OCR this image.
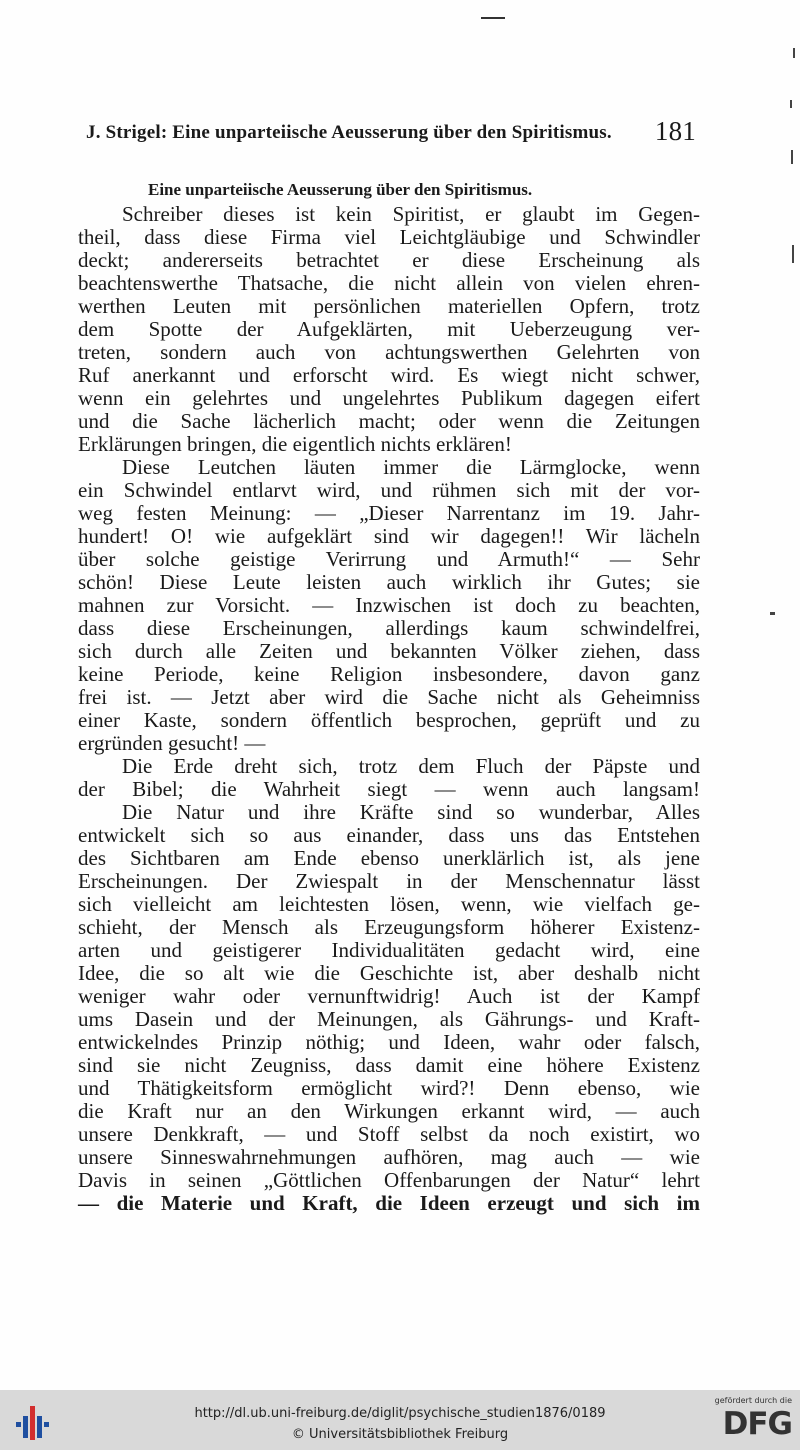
J. Strigel: Eine unparteiische Aeusserung über den Spiritismus. 181
Eine unparteiische Aeusserung über den Spiritismus.
Schreiber dieses ist kein Spiritist, er glaubt im Gegen-
theil, dass diese Firma viel Leichtgläubige und Schwindler
deckt; andererseits betrachtet er diese Erscheinung als
beachtenswerthe Thatsache, die nicht allein von vielen ehren-
werthen Leuten mit persönlichen materiellen Opfern, trotz
dem Spotte der Aufgeklärten, mit Ueberzeugung ver-
treten, sondern auch von achtungswerthen Gelehrten von
Ruf anerkannt und erforscht wird. Es wiegt nicht schwer,
wenn ein gelehrtes und ungelehrtes Publikum dagegen eifert
und die Sache lächerlich macht; oder wenn die Zeitungen
Erklärungen bringen, die eigentlich nichts erklären!
Diese Leutchen läuten immer die Lärmglocke, wenn
ein Schwindel entlarvt wird, und rühmen sich mit der vor-
weg festen Meinung: — „Dieser Narrentanz im 19. Jahr-
hundert! O! wie aufgeklärt sind wir dagegen!! Wir lächeln
über solche geistige Verirrung und Armuth!“ — Sehr
schön! Diese Leute leisten auch wirklich ihr Gutes; sie
mahnen zur Vorsicht. — Inzwischen ist doch zu beachten,
dass diese Erscheinungen, allerdings kaum schwindelfrei,
sich durch alle Zeiten und bekannten Völker ziehen, dass
keine Periode, keine Religion insbesondere, davon ganz
frei ist. — Jetzt aber wird die Sache nicht als Geheimniss
einer Kaste, sondern öffentlich besprochen, geprüft und zu
ergründen gesucht! —
Die Erde dreht sich, trotz dem Fluch der Päpste und
der Bibel; die Wahrheit siegt — wenn auch langsam!
Die Natur und ihre Kräfte sind so wunderbar, Alles
entwickelt sich so aus einander, dass uns das Entstehen
des Sichtbaren am Ende ebenso unerklärlich ist, als jene
Erscheinungen. Der Zwiespalt in der Menschennatur lässt
sich vielleicht am leichtesten lösen, wenn, wie vielfach ge-
schieht, der Mensch als Erzeugungsform höherer Existenz-
arten und geistigerer Individualitäten gedacht wird, eine
Idee, die so alt wie die Geschichte ist, aber deshalb nicht
weniger wahr oder vernunftwidrig! Auch ist der Kampf
ums Dasein und der Meinungen, als Gährungs- und Kraft-
entwickelndes Prinzip nöthig; und Ideen, wahr oder falsch,
sind sie nicht Zeugniss, dass damit eine höhere Existenz
und Thätigkeitsform ermöglicht wird?! Denn ebenso, wie
die Kraft nur an den Wirkungen erkannt wird, — auch
unsere Denkkraft, — und Stoff selbst da noch existirt, wo
unsere Sinneswahrnehmungen aufhören, mag auch — wie
Davis in seinen „Göttlichen Offenbarungen der Natur“ lehrt
— die Materie und Kraft, die Ideen erzeugt und sich im
http://dl.ub.uni-freiburg.de/diglit/psychische_studien1876/0189
© Universitätsbibliothek Freiburg
gefördert durch die
DFG
